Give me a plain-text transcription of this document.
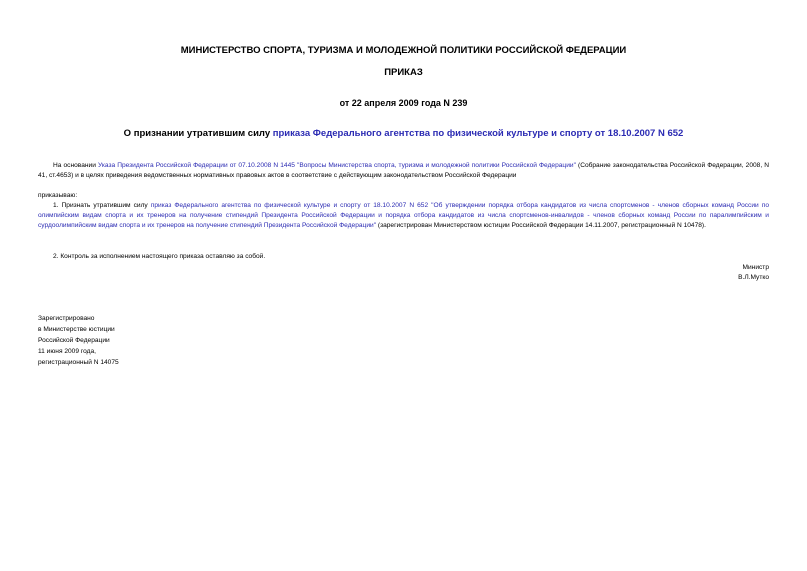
МИНИСТЕРСТВО СПОРТА, ТУРИЗМА И МОЛОДЕЖНОЙ ПОЛИТИКИ РОССИЙСКОЙ ФЕДЕРАЦИИ
ПРИКАЗ
от 22 апреля 2009 года N 239
О признании утратившим силу приказа Федерального агентства по физической культуре и спорту от 18.10.2007 N 652
На основании Указа Президента Российской Федерации от 07.10.2008 N 1445 "Вопросы Министерства спорта, туризма и молодежной политики Российской Федерации" (Собрание законодательства Российской Федерации, 2008, N 41, ст.4653) и в целях приведения ведомственных нормативных правовых актов в соответствие с действующим законодательством Российской Федерации
приказываю:
1. Признать утратившим силу приказ Федерального агентства по физической культуре и спорту от 18.10.2007 N 652 "Об утверждении порядка отбора кандидатов из числа спортсменов - членов сборных команд России по олимпийским видам спорта и их тренеров на получение стипендий Президента Российской Федерации и порядка отбора кандидатов из числа спортсменов-инвалидов - членов сборных команд России по паралимпийским и сурдоолимпийским видам спорта и их тренеров на получение стипендий Президента Российской Федерации" (зарегистрирован Министерством юстиции Российской Федерации 14.11.2007, регистрационный N 10478).
2. Контроль за исполнением настоящего приказа оставляю за собой.
Министр
В.Л.Мутко
Зарегистрировано
в Министерстве юстиции
Российской Федерации
11 июня 2009 года,
регистрационный N 14075
